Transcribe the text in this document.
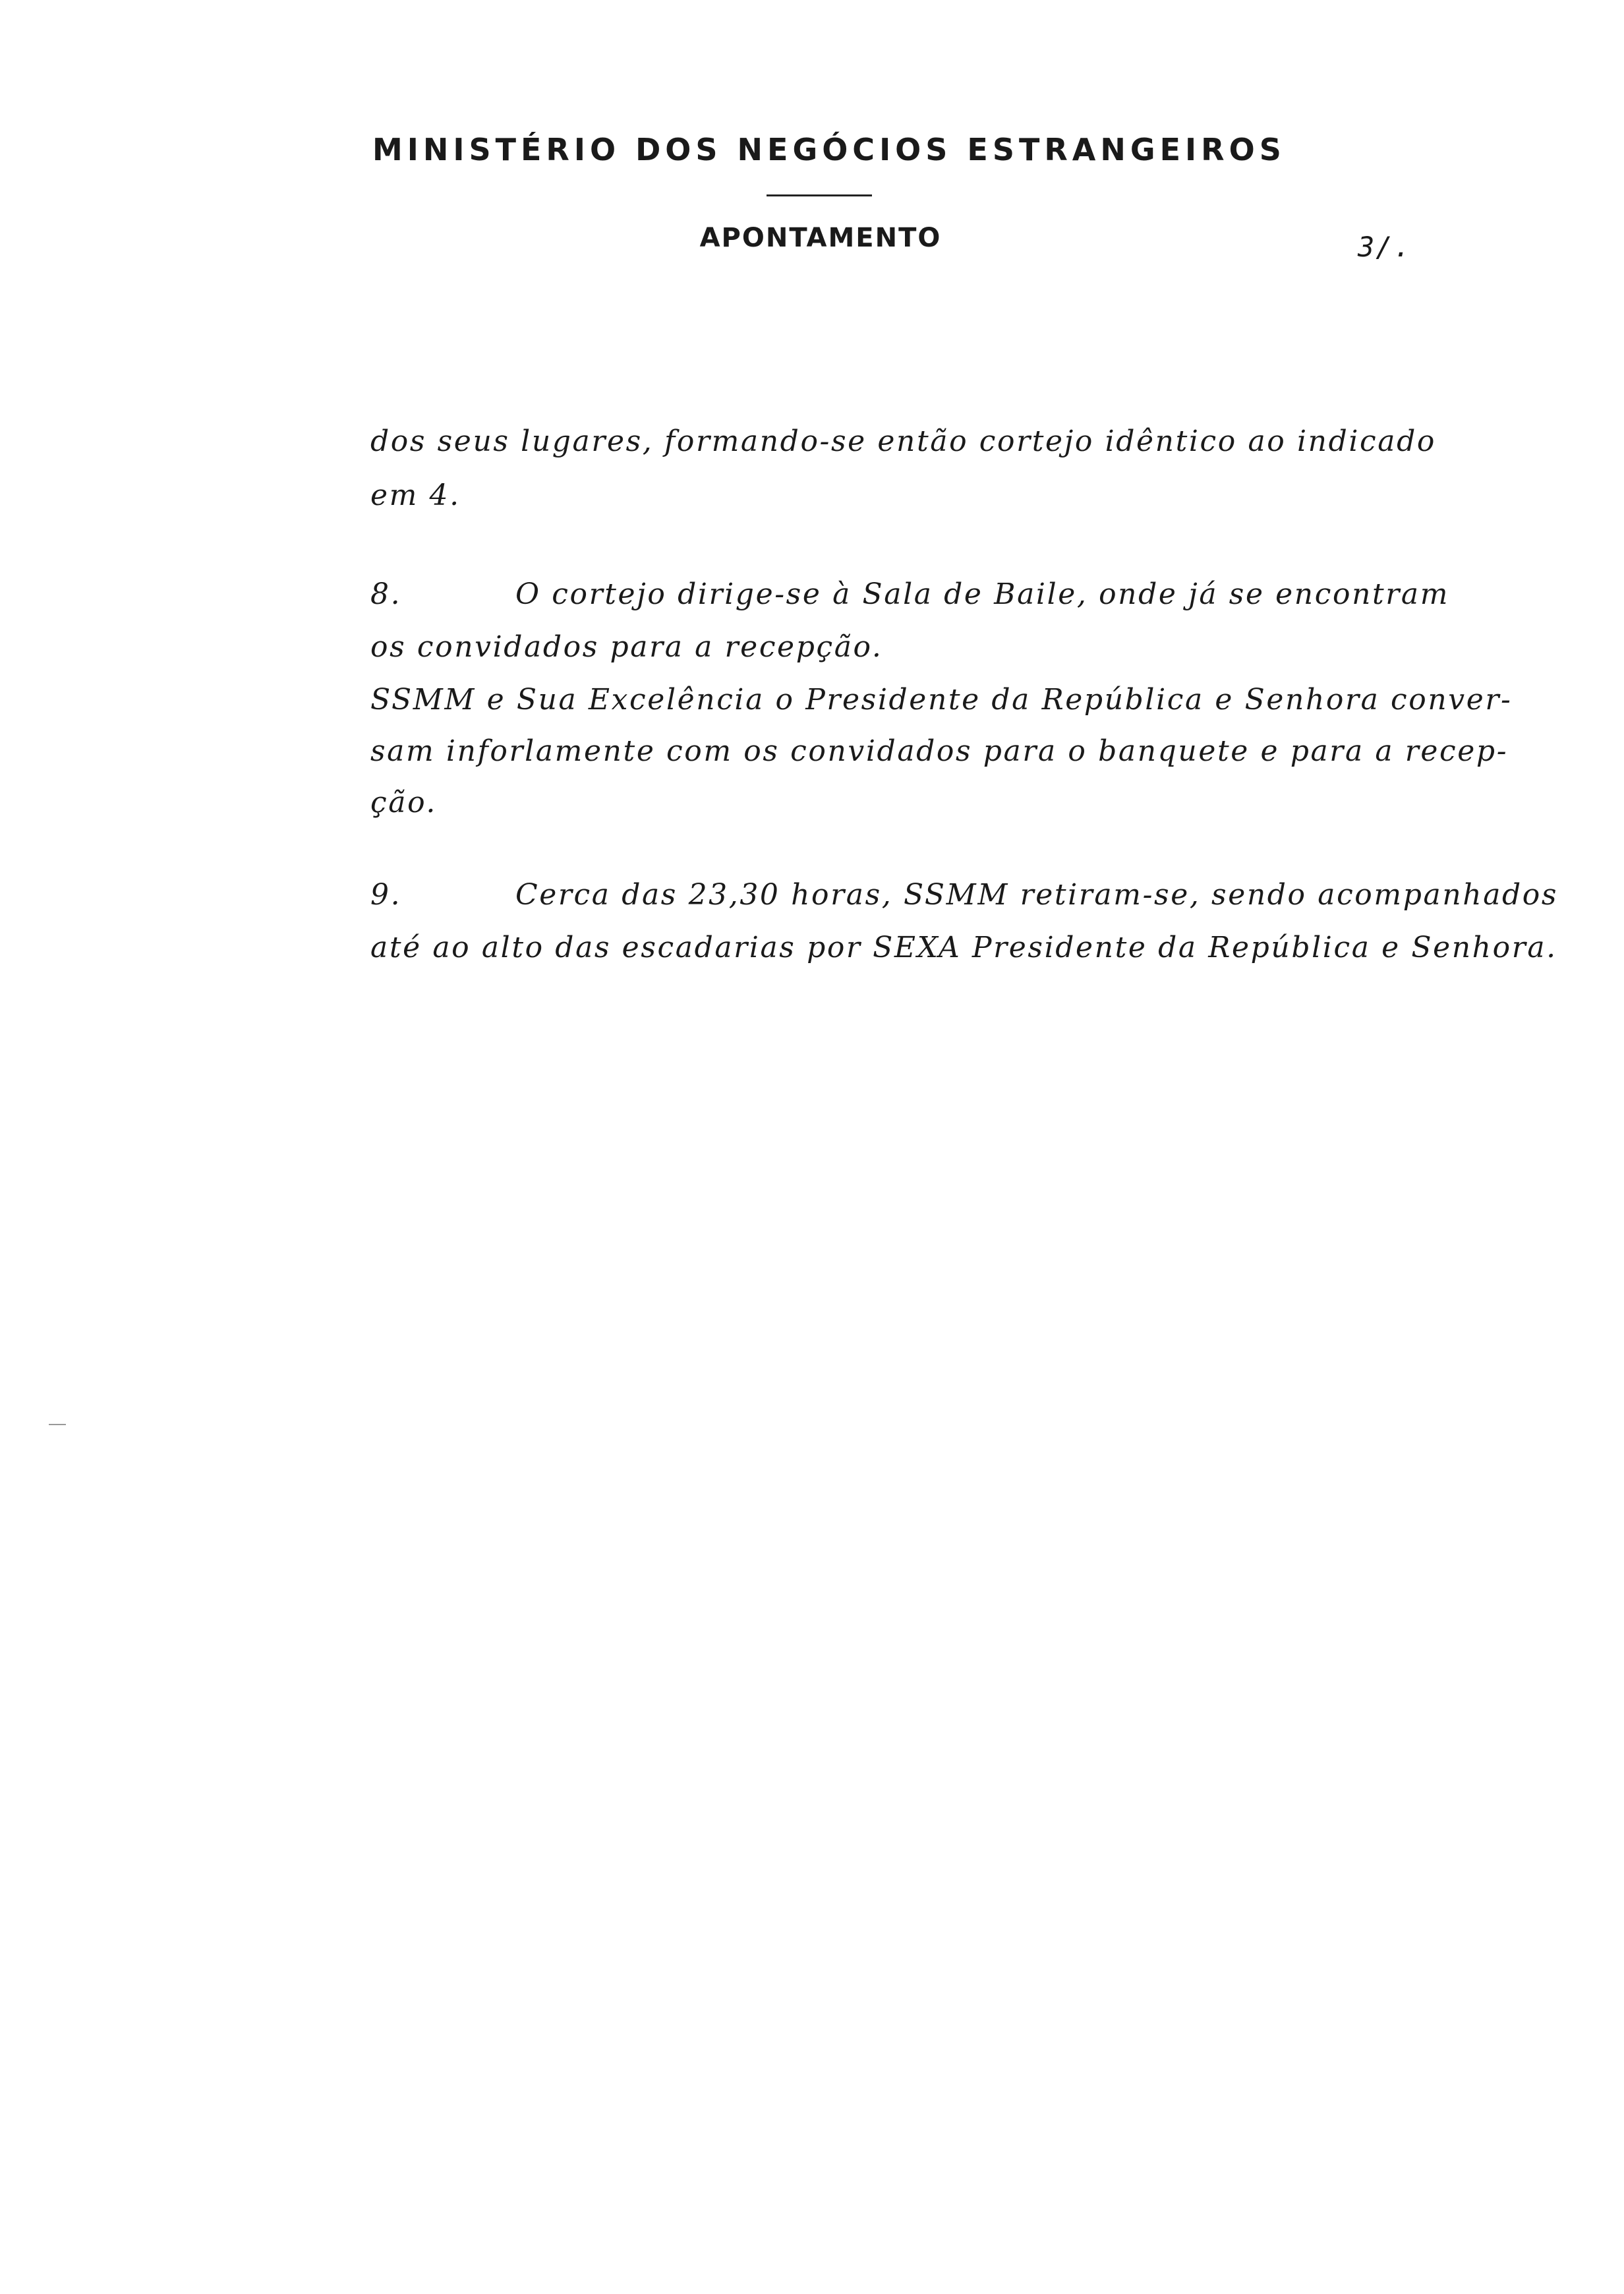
MINISTÉRIO DOS NEGÓCIOS ESTRANGEIROS
APONTAMENTO	3/.
dos seus lugares, formando-se então cortejo idêntico ao indicado
em 4.
8.	O cortejo dirige-se à Sala de Baile, onde já se encontram
os convidados para a recepção.
SSMM e Sua Excelência o Presidente da República e Senhora conver-
sam inforlamente com os convidados para o banquete e para a recep-
ção.
9.	Cerca das 23,30 horas, SSMM retiram-se, sendo acompanhados
até ao alto das escadarias por SEXA Presidente da República e Senhora.
